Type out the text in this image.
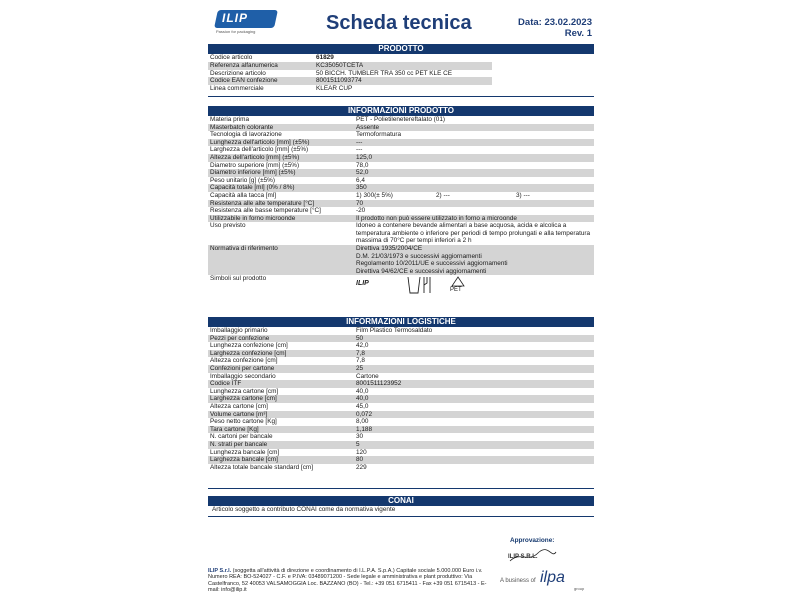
ILIP
Passion for packaging	Scheda tecnica	Data: 23.02.2023
Rev. 1
PRODOTTO
Codice articolo	61829
Referenza alfanumerica	KC35050TCETA
Descrizione articolo	50 BICCH. TUMBLER TRA 350 cc PET KLE CE
Codice EAN confezione	8001511093774
Linea commerciale	KLEAR CUP
INFORMAZIONI PRODOTTO
Materia prima	PET - Polietilenetereftalato (01)
Masterbatch colorante	Assente
Tecnologia di lavorazione	Termoformatura
Lunghezza dell'articolo [mm] (±5%)	---
Larghezza dell'articolo [mm] (±5%)	---
Altezza dell'articolo [mm] (±5%)	125,0
Diametro superiore [mm] (±5%)	78,0
Diametro inferiore [mm] (±5%)	52,0
Peso unitario [g] (±5%)	6,4
Capacità totale [ml] (0% / 8%)	350
Capacità alla tacca [ml]	1) 300(± 5%)	2) ---	3) ---
Resistenza alle alte temperature [°C]	70
Resistenza alle basse temperature [°C]	-20
Utilizzabile in forno microonde	Il prodotto non può essere utilizzato in forno a microonde
Uso previsto	Idoneo a contenere bevande alimentari a base acquosa, acida e alcolica a temperatura ambiente o inferiore per periodi di tempo prolungati e alla temperatura massima di 70°C per tempi inferiori a 2 h
Normativa di riferimento	Direttiva 1935/2004/CE
D.M. 21/03/1973 e successivi aggiornamenti
Regolamento 10/2011/UE e successivi aggiornamenti
Direttiva 94/62/CE e successivi aggiornamenti
Simboli sul prodotto
ILIP
PET
INFORMAZIONI LOGISTICHE
Imballaggio primario	Film Plastico Termosaldato
Pezzi per confezione	50
Lunghezza confezione [cm]	42,0
Larghezza confezione [cm]	7,8
Altezza confezione [cm]	7,8
Confezioni per cartone	25
Imballaggio secondario	Cartone
Codice ITF	8001511123952
Lunghezza cartone [cm]	40,0
Larghezza cartone [cm]	40,0
Altezza cartone [cm]	45,0
Volume cartone [m³]	0,072
Peso netto cartone [Kg]	8,00
Tara cartone [Kg]	1,188
N. cartoni per bancale	30
N. strati per bancale	5
Lunghezza bancale [cm]	120
Larghezza bancale [cm]	80
Altezza totale bancale standard [cm]	229
CONAI
Articolo soggetto a contributo CONAI come da normativa vigente
Approvazione:
ILIP S.R.L.
ILIP S.r.l. (soggetta all'attività di direzione e coordinamento di I.L.P.A. S.p.A.) Capitale sociale 5.000.000 Euro i.v. Numero REA: BO-524027 - C.F. e P.IVA: 03489071200 - Sede legale e amministrativa e plant produttivo: Via Castelfranco, 52 40053 VALSAMOGGIA Loc. BAZZANO (BO) - Tel.: +39 051 6715411 - Fax +39 051 6715413 - E-mail: info@ilip.it
A business of ilpa
group
